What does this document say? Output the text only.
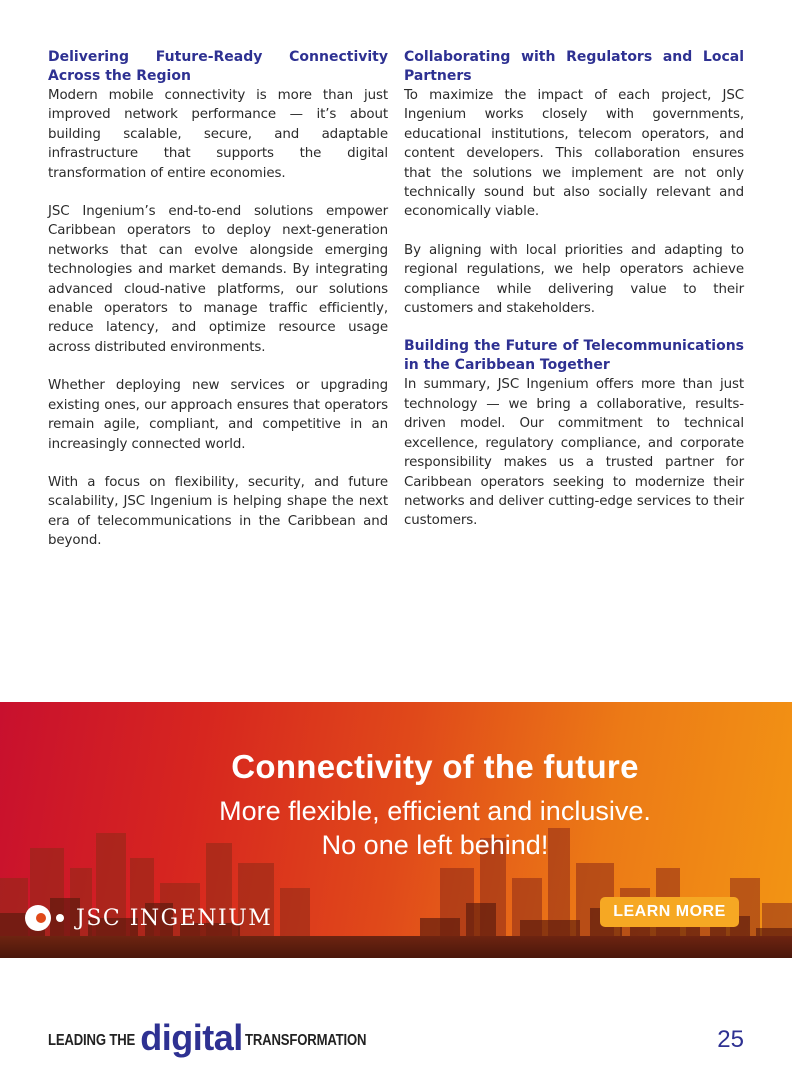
Delivering Future-Ready Connectivity Across the Region

Modern mobile connectivity is more than just improved network performance — it’s about building scalable, secure, and adaptable infrastructure that supports the digital transformation of entire economies.

JSC Ingenium’s end-to-end solutions empower Caribbean operators to deploy next-generation networks that can evolve alongside emerging technologies and market demands. By integrating advanced cloud-native platforms, our solutions enable operators to manage traffic efficiently, reduce latency, and optimize resource usage across distributed environments.

Whether deploying new services or upgrading existing ones, our approach ensures that operators remain agile, compliant, and competitive in an increasingly connected world.

With a focus on flexibility, security, and future scalability, JSC Ingenium is helping shape the next era of telecommunications in the Caribbean and beyond.

Collaborating with Regulators and Local Partners

To maximize the impact of each project, JSC Ingenium works closely with governments, educational institutions, telecom operators, and content developers. This collaboration ensures that the solutions we implement are not only technically sound but also socially relevant and economically viable.

By aligning with local priorities and adapting to regional regulations, we help operators achieve compliance while delivering value to their customers and stakeholders.

Building the Future of Telecommunications in the Caribbean Together

In summary, JSC Ingenium offers more than just technology — we bring a collaborative, results-driven model. Our commitment to technical excellence, regulatory compliance, and corporate responsibility makes us a trusted partner for Caribbean operators seeking to modernize their networks and deliver cutting-edge services to their customers.

Connectivity of the future
More flexible, efficient and inclusive.
No one left behind!
JSC INGENIUM	LEARN MORE
LEADING THE digital TRANSFORMATION	25
